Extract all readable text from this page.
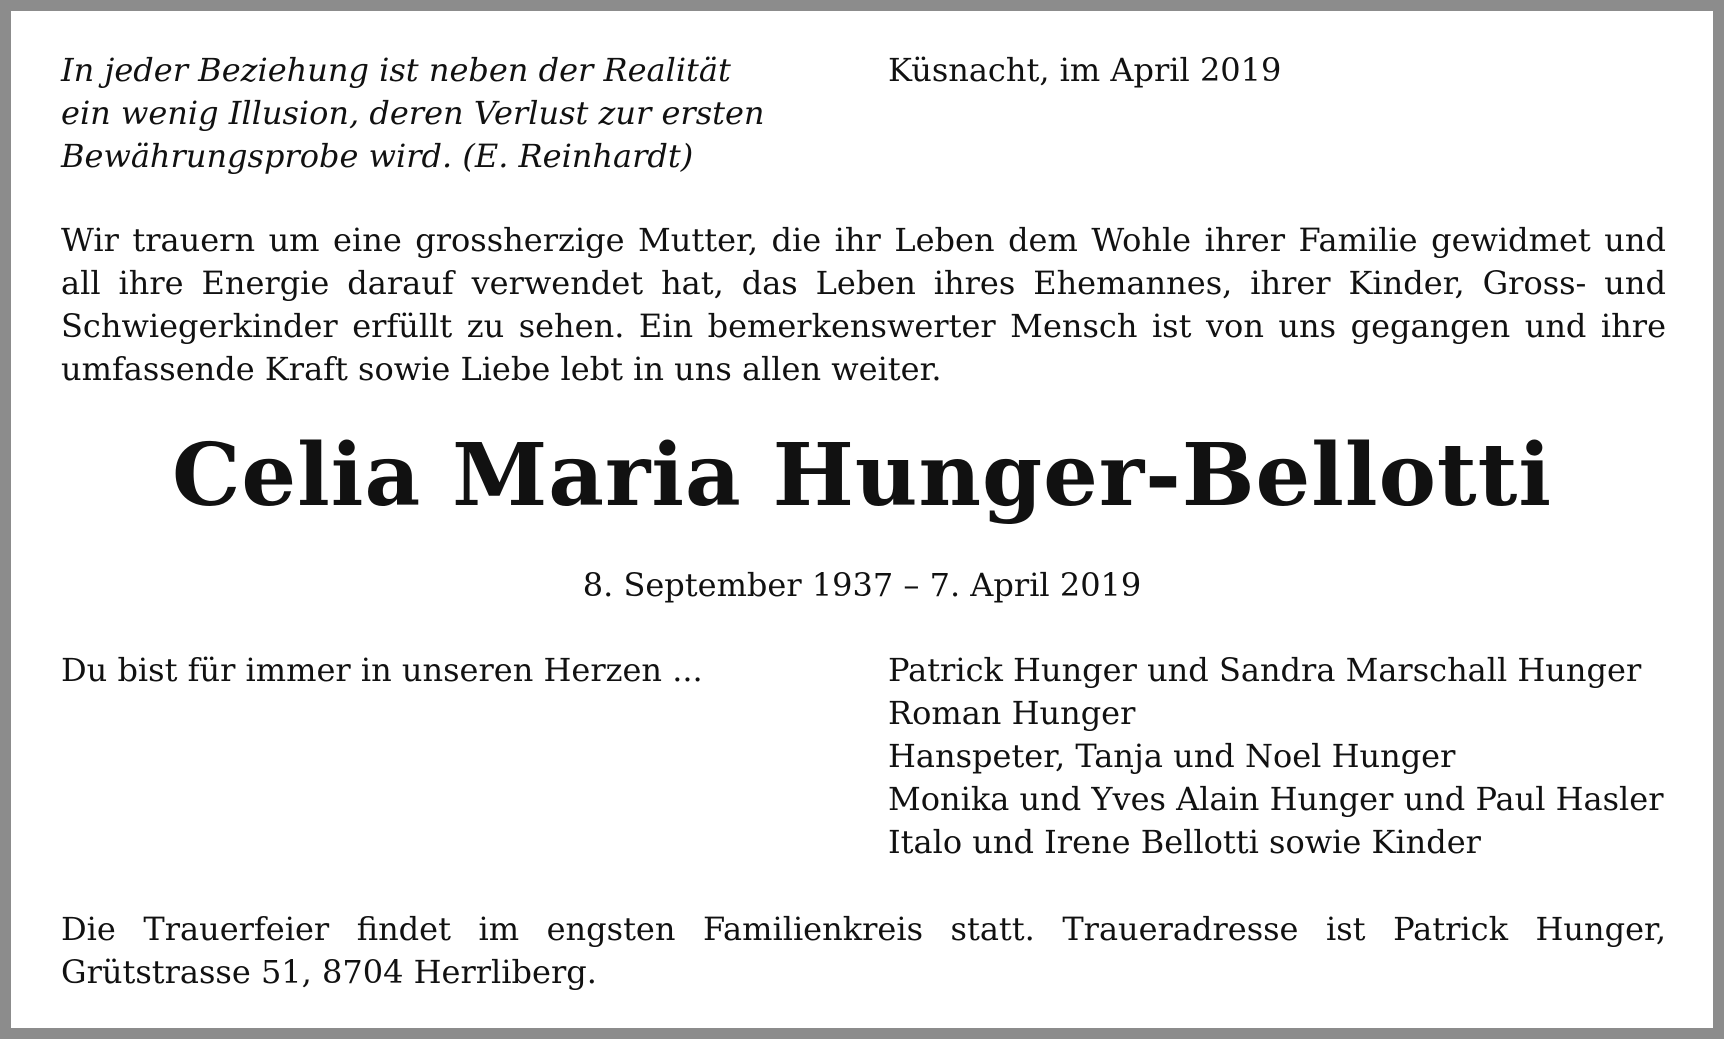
In jeder Beziehung ist neben der Realität
ein wenig Illusion, deren Verlust zur ersten
Bewährungsprobe wird. (E. Reinhardt)
Küsnacht, im April 2019
Wir trauern um eine grossherzige Mutter, die ihr Leben dem Wohle ihrer Familie gewidmet und all ihre Energie darauf verwendet hat, das Leben ihres Ehemannes, ihrer Kinder, Gross- und Schwiegerkinder erfüllt zu sehen. Ein bemerkenswerter Mensch ist von uns gegangen und ihre umfassende Kraft sowie Liebe lebt in uns allen weiter.
Celia Maria Hunger-Bellotti
8. September 1937 – 7. April 2019
Du bist für immer in unseren Herzen ...	Patrick Hunger und Sandra Marschall Hunger
Roman Hunger
Hanspeter, Tanja und Noel Hunger
Monika und Yves Alain Hunger und Paul Hasler
Italo und Irene Bellotti sowie Kinder
Die Trauerfeier findet im engsten Familienkreis statt. Traueradresse ist Patrick Hunger, Grütstrasse 51, 8704 Herrliberg.
